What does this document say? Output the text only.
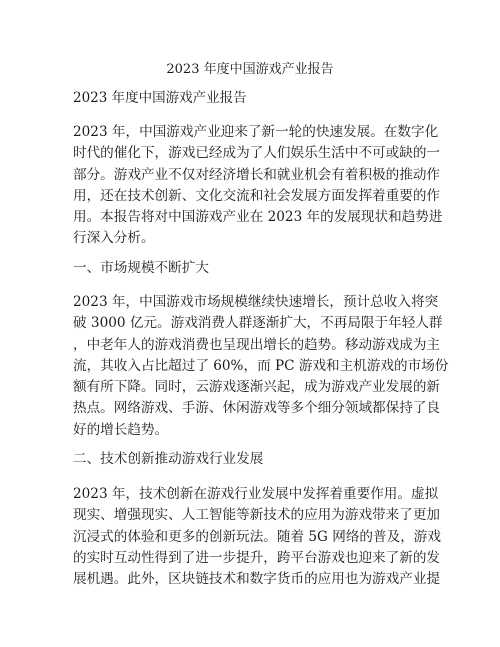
2023 年度中国游戏产业报告

2023 年度中国游戏产业报告

2023 年，中国游戏产业迎来了新一轮的快速发展。在数字化
时代的催化下，游戏已经成为了人们娱乐生活中不可或缺的一
部分。游戏产业不仅对经济增长和就业机会有着积极的推动作
用，还在技术创新、文化交流和社会发展方面发挥着重要的作
用。本报告将对中国游戏产业在 2023 年的发展现状和趋势进
行深入分析。
一、市场规模不断扩大
2023 年，中国游戏市场规模继续快速增长，预计总收入将突
破 3000 亿元。游戏消费人群逐渐扩大，不再局限于年轻人群
，中老年人的游戏消费也呈现出增长的趋势。移动游戏成为主
流，其收入占比超过了 60%，而 PC 游戏和主机游戏的市场份
额有所下降。同时，云游戏逐渐兴起，成为游戏产业发展的新
热点。网络游戏、手游、休闲游戏等多个细分领域都保持了良
好的增长趋势。
二、技术创新推动游戏行业发展
2023 年，技术创新在游戏行业发展中发挥着重要作用。虚拟
现实、增强现实、人工智能等新技术的应用为游戏带来了更加
沉浸式的体验和更多的创新玩法。随着 5G 网络的普及，游戏
的实时互动性得到了进一步提升，跨平台游戏也迎来了新的发
展机遇。此外，区块链技术和数字货币的应用也为游戏产业提
